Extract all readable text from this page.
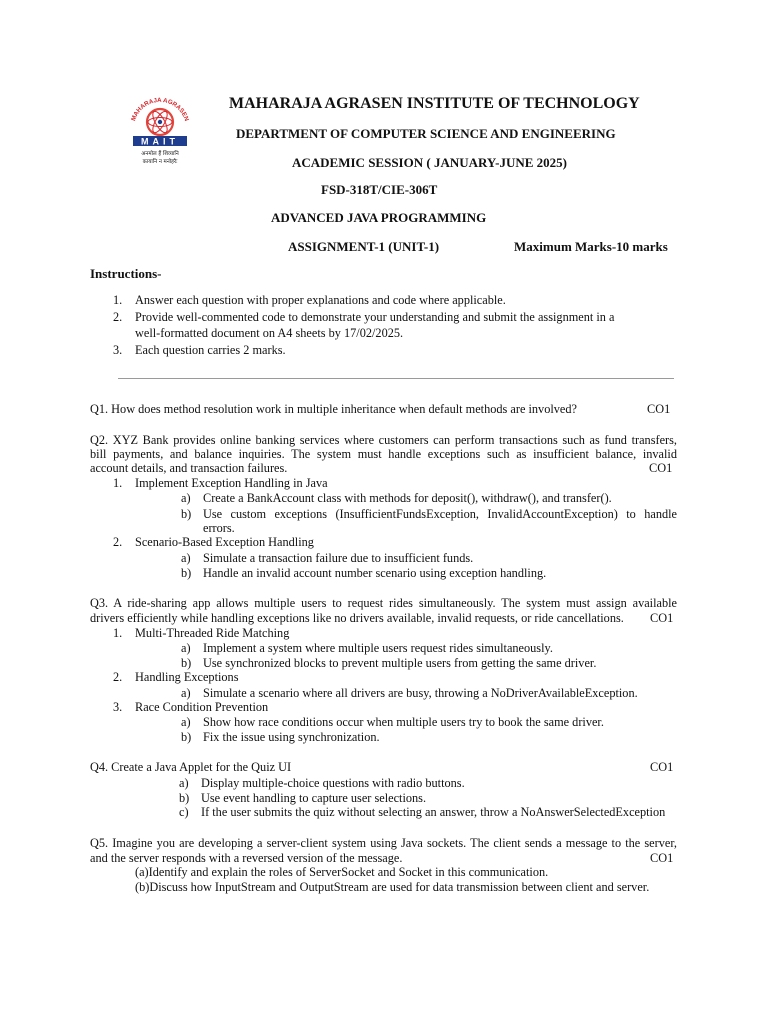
MAHARAJA AGRASEN
MAIT
अनमोल हैं शिव्यानि
कायानि न मनोहरैः
MAHARAJA AGRASEN INSTITUTE OF TECHNOLOGY
DEPARTMENT OF COMPUTER SCIENCE AND ENGINEERING
ACADEMIC SESSION ( JANUARY-JUNE 2025)
FSD-318T/CIE-306T
ADVANCED JAVA PROGRAMMING
ASSIGNMENT-1 (UNIT-1)	Maximum Marks-10 marks
Instructions-
1. Answer each question with proper explanations and code where applicable.
2. Provide well-commented code to demonstrate your understanding and submit the assignment in a
well-formatted document on A4 sheets by 17/02/2025.
3. Each question carries 2 marks.
Q1. How does method resolution work in multiple inheritance when default methods are involved?	CO1
Q2. XYZ Bank provides online banking services where customers can perform transactions such as fund transfers,
bill payments, and balance inquiries. The system must handle exceptions such as insufficient balance, invalid
account details, and transaction failures.	CO1
1. Implement Exception Handling in Java
a) Create a BankAccount class with methods for deposit(), withdraw(), and transfer().
b) Use custom exceptions (InsufficientFundsException, InvalidAccountException) to handle
errors.
2. Scenario-Based Exception Handling
a) Simulate a transaction failure due to insufficient funds.
b) Handle an invalid account number scenario using exception handling.
Q3. A ride-sharing app allows multiple users to request rides simultaneously. The system must assign available
drivers efficiently while handling exceptions like no drivers available, invalid requests, or ride cancellations. CO1
1. Multi-Threaded Ride Matching
a) Implement a system where multiple users request rides simultaneously.
b) Use synchronized blocks to prevent multiple users from getting the same driver.
2. Handling Exceptions
a) Simulate a scenario where all drivers are busy, throwing a NoDriverAvailableException.
3. Race Condition Prevention
a) Show how race conditions occur when multiple users try to book the same driver.
b) Fix the issue using synchronization.
Q4. Create a Java Applet for the Quiz UI	CO1
a) Display multiple-choice questions with radio buttons.
b) Use event handling to capture user selections.
c) If the user submits the quiz without selecting an answer, throw a NoAnswerSelectedException
Q5. Imagine you are developing a server-client system using Java sockets. The client sends a message to the server,
and the server responds with a reversed version of the message.	CO1
(a)Identify and explain the roles of ServerSocket and Socket in this communication.
(b)Discuss how InputStream and OutputStream are used for data transmission between client and server.
